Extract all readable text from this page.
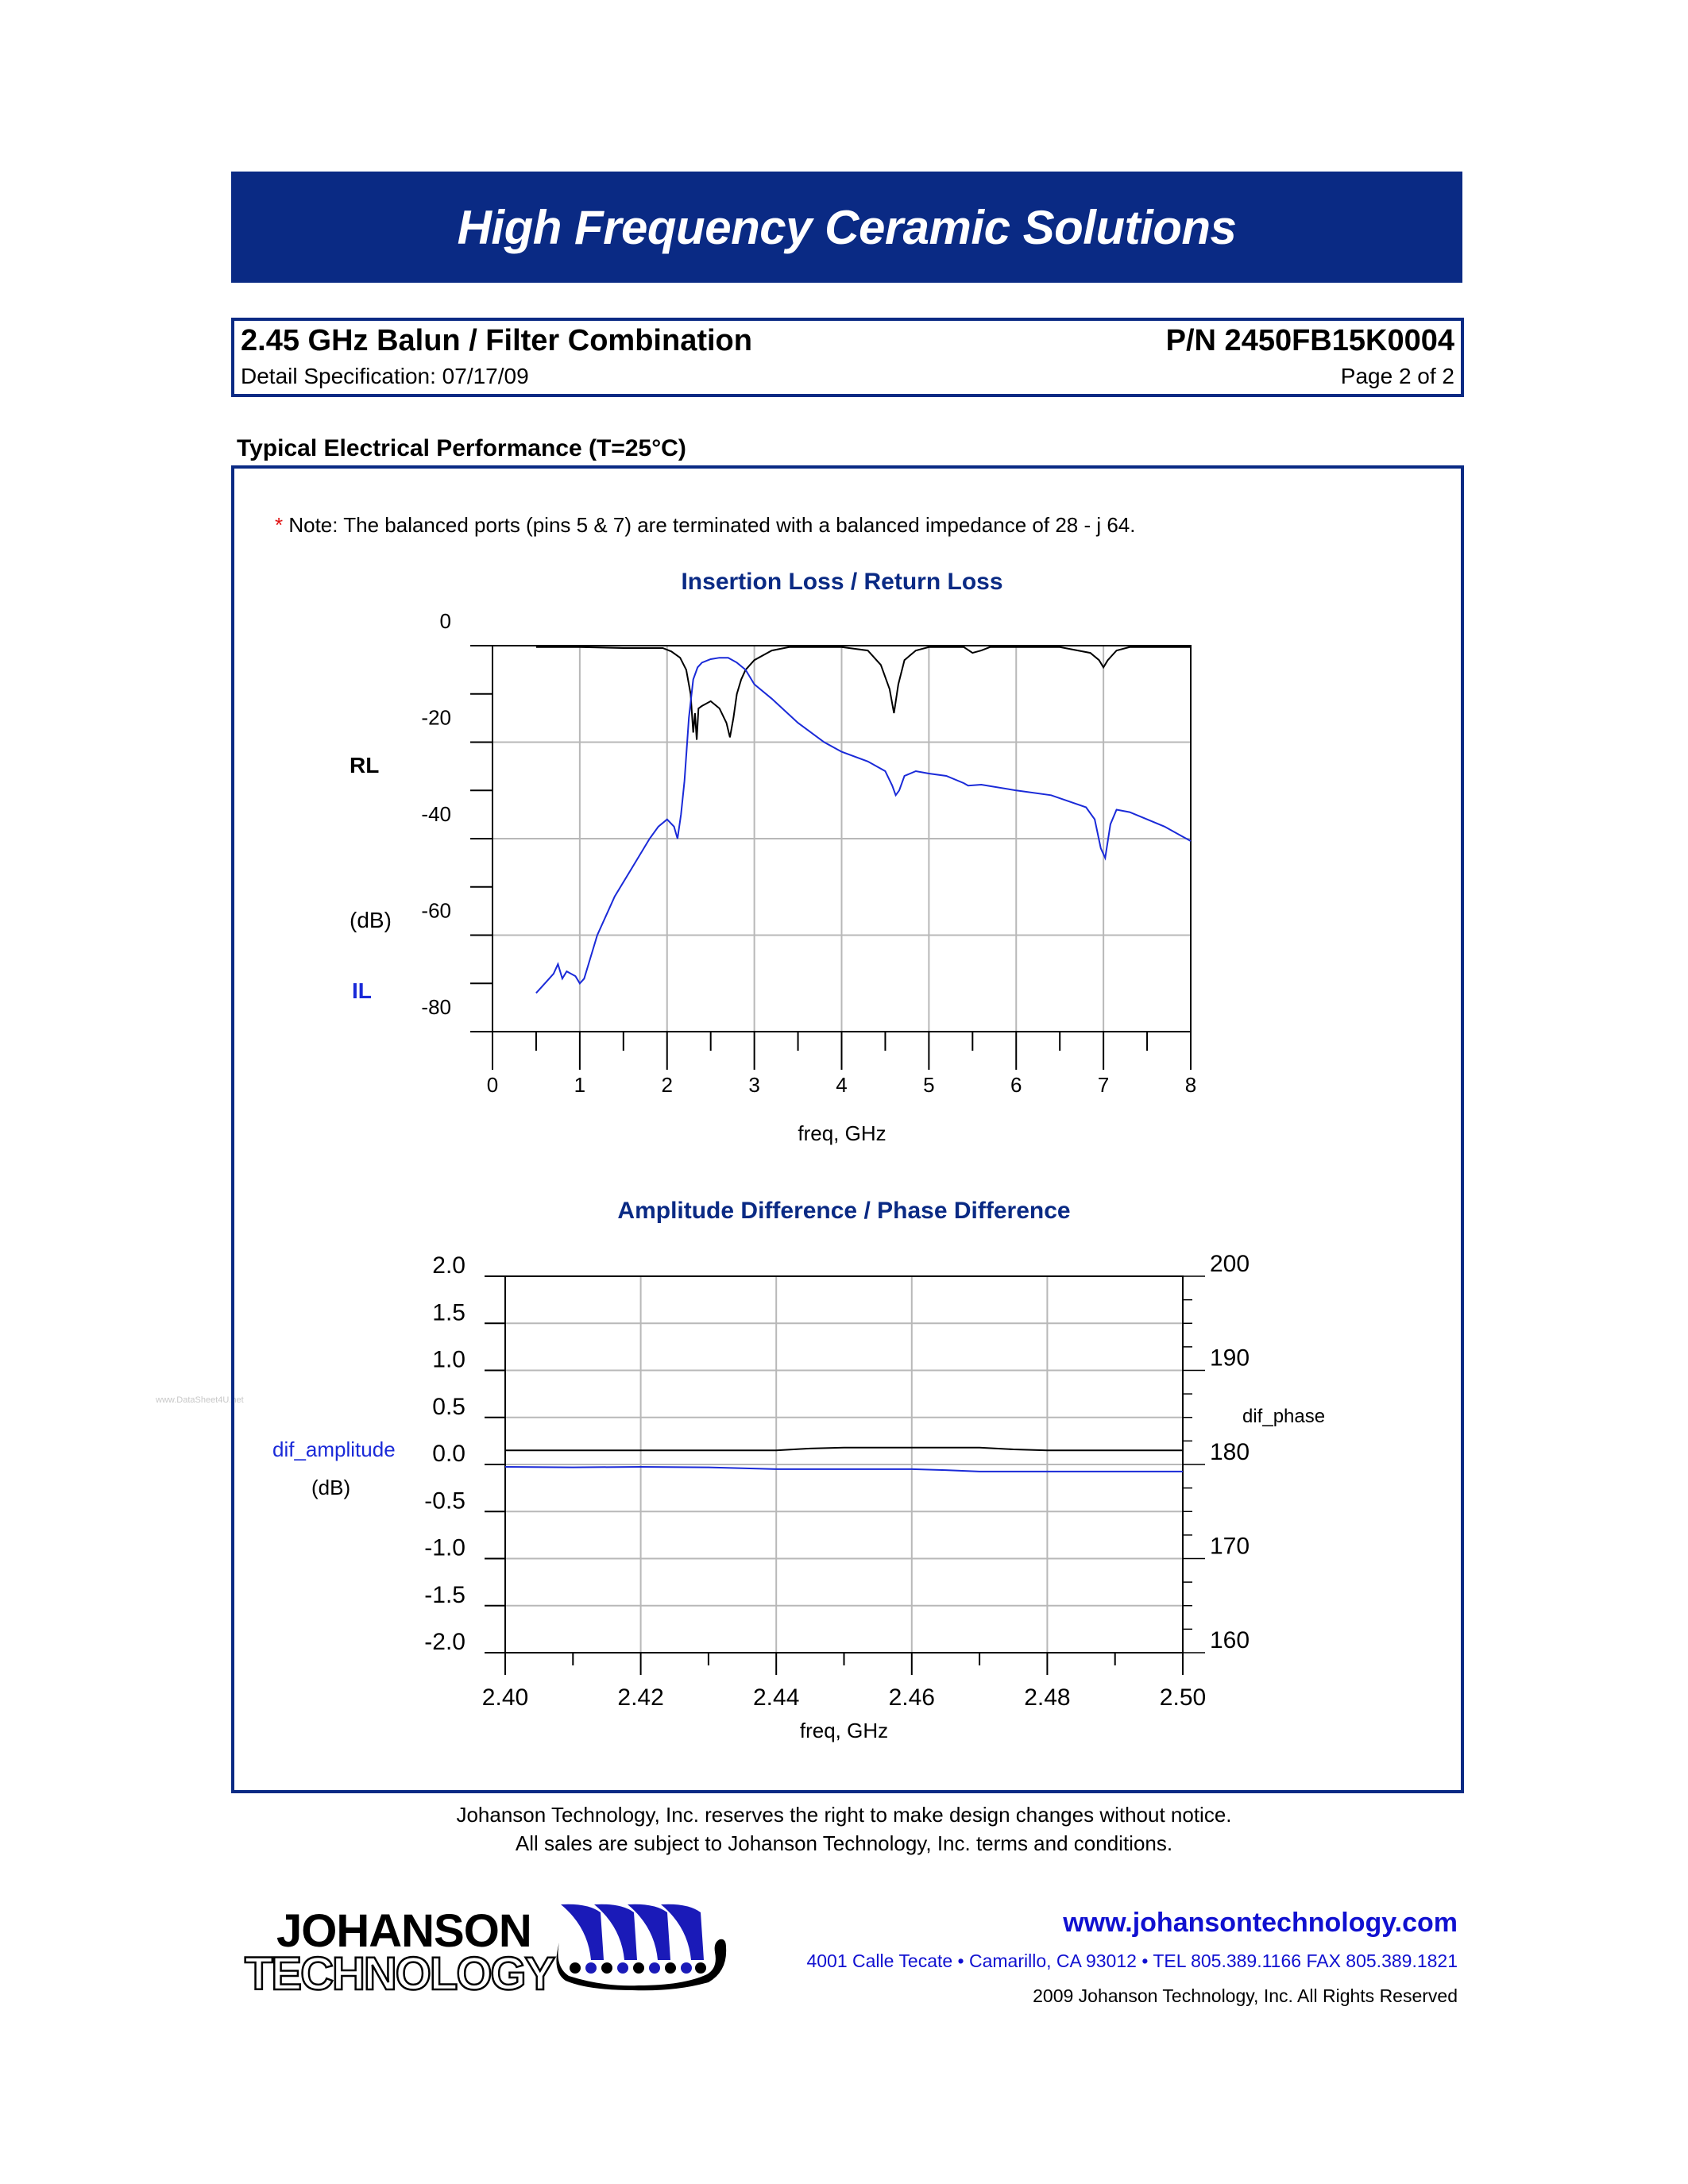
High Frequency Ceramic Solutions
2.45 GHz Balun / Filter Combination	P/N 2450FB15K0004
Detail Specification: 07/17/09	Page 2 of 2
Typical Electrical Performance (T=25°C)
www.DataSheet4U.net
* Note: The balanced ports (pins 5 & 7) are terminated with a balanced impedance of 28 - j 64.
Insertion Loss / Return Loss
0	1	2	3	4	5	6	7	8
0
-20
-40
-60
-80
RL
(dB)
IL
freq, GHz
Amplitude Difference / Phase Difference
2.40	2.42	2.44	2.46	2.48	2.50
2.0
1.5
1.0
0.5
0.0
-0.5
-1.0
-1.5
-2.0
200
190
180
170
160
dif_amplitude
(dB)
dif_phase
freq, GHz
Johanson Technology, Inc. reserves the right to make design changes without notice.
All sales are subject to Johanson Technology, Inc. terms and conditions.
JOHANSON
TECHNOLOGY
www.johansontechnology.com
4001 Calle Tecate • Camarillo, CA 93012 • TEL 805.389.1166 FAX 805.389.1821
2009 Johanson Technology, Inc. All Rights Reserved
